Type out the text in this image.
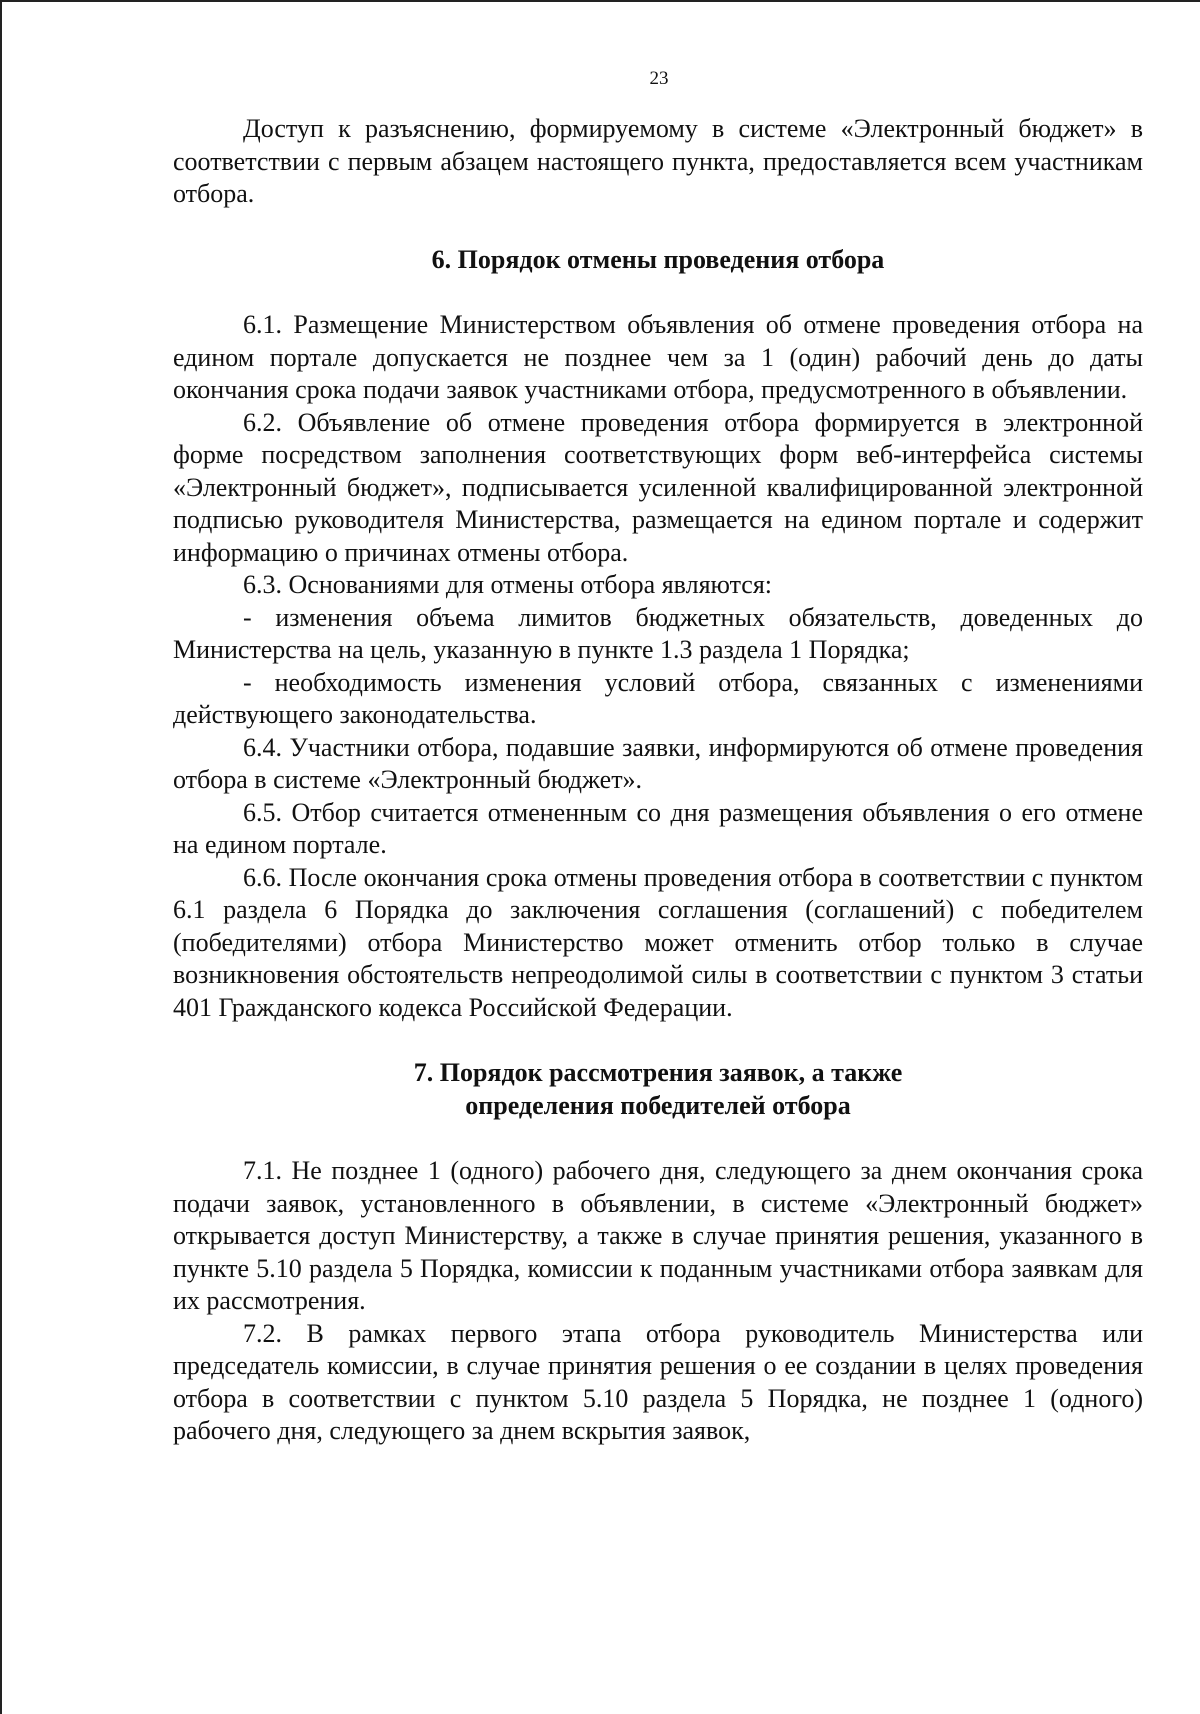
23

Доступ к разъяснению, формируемому в системе «Электронный бюджет» в соответствии с первым абзацем настоящего пункта, предоставляется всем участникам отбора.

6. Порядок отмены проведения отбора

6.1. Размещение Министерством объявления об отмене проведения отбора на едином портале допускается не позднее чем за 1 (один) рабочий день до даты окончания срока подачи заявок участниками отбора, предусмотренного в объявлении.

6.2. Объявление об отмене проведения отбора формируется в электронной форме посредством заполнения соответствующих форм веб-интерфейса системы «Электронный бюджет», подписывается усиленной квалифицированной электронной подписью руководителя Министерства, размещается на едином портале и содержит информацию о причинах отмены отбора.

6.3. Основаниями для отмены отбора являются:

- изменения объема лимитов бюджетных обязательств, доведенных до Министерства на цель, указанную в пункте 1.3 раздела 1 Порядка;

- необходимость изменения условий отбора, связанных с изменениями действующего законодательства.

6.4. Участники отбора, подавшие заявки, информируются об отмене проведения отбора в системе «Электронный бюджет».

6.5. Отбор считается отмененным со дня размещения объявления о его отмене на едином портале.

6.6. После окончания срока отмены проведения отбора в соответствии с пунктом 6.1 раздела 6 Порядка до заключения соглашения (соглашений) с победителем (победителями) отбора Министерство может отменить отбор только в случае возникновения обстоятельств непреодолимой силы в соответствии с пунктом 3 статьи 401 Гражданского кодекса Российской Федерации.

7. Порядок рассмотрения заявок, а также
определения победителей отбора

7.1. Не позднее 1 (одного) рабочего дня, следующего за днем окончания срока подачи заявок, установленного в объявлении, в системе «Электронный бюджет» открывается доступ Министерству, а также в случае принятия решения, указанного в пункте 5.10 раздела 5 Порядка, комиссии к поданным участниками отбора заявкам для их рассмотрения.

7.2. В рамках первого этапа отбора руководитель Министерства или председатель комиссии, в случае принятия решения о ее создании в целях проведения отбора в соответствии с пунктом 5.10 раздела 5 Порядка, не позднее 1 (одного) рабочего дня, следующего за днем вскрытия заявок,
